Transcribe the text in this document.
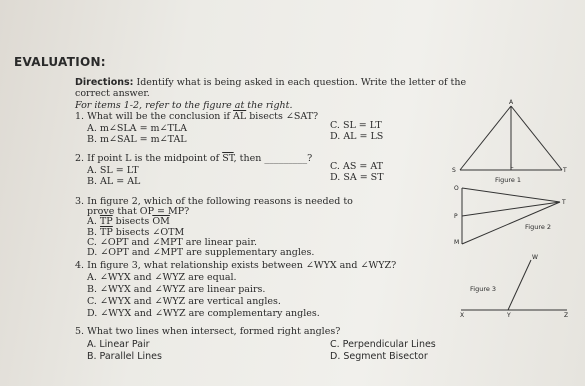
EVALUATION:
Directions: Identify what is being asked in each question. Write the letter of the
correct answer.
For items 1-2, refer to the figure at the right.
1. What will be the conclusion if $\overline{AL}$ bisects ∠SAT?
A. m∠SLA = m∠TLA
B. m∠SAL = m∠TAL
C. SL = LT
D. AL = LS
2. If point L is the midpoint of $\overline{ST}$, then _________?
A. SL = LT
B. AL = AL
C. AS = AT
D. SA = ST
3. In figure 2, which of the following reasons is needed to
prove that OP = MP?
A. $\overline{TP}$ bisects $\overline{OM}$
B. $\overline{TP}$ bisects ∠OTM
C. ∠OPT and ∠MPT are linear pair.
D. ∠OPT and ∠MPT are supplementary angles.
4. In figure 3, what relationship exists between ∠WYX and ∠WYZ?
A. ∠WYX and ∠WYZ are equal.
B. ∠WYX and ∠WYZ are linear pairs.
C. ∠WYX and ∠WYZ are vertical angles.
D. ∠WYX and ∠WYZ are complementary angles.
5. What two lines when intersect, formed right angles?
A. Linear Pair
B. Parallel Lines
C. Perpendicular Lines
D. Segment Bisector
A
S
L
T
Figure 1
O
P
M
T
Figure 2
W
X	Y	Z
Figure 3
